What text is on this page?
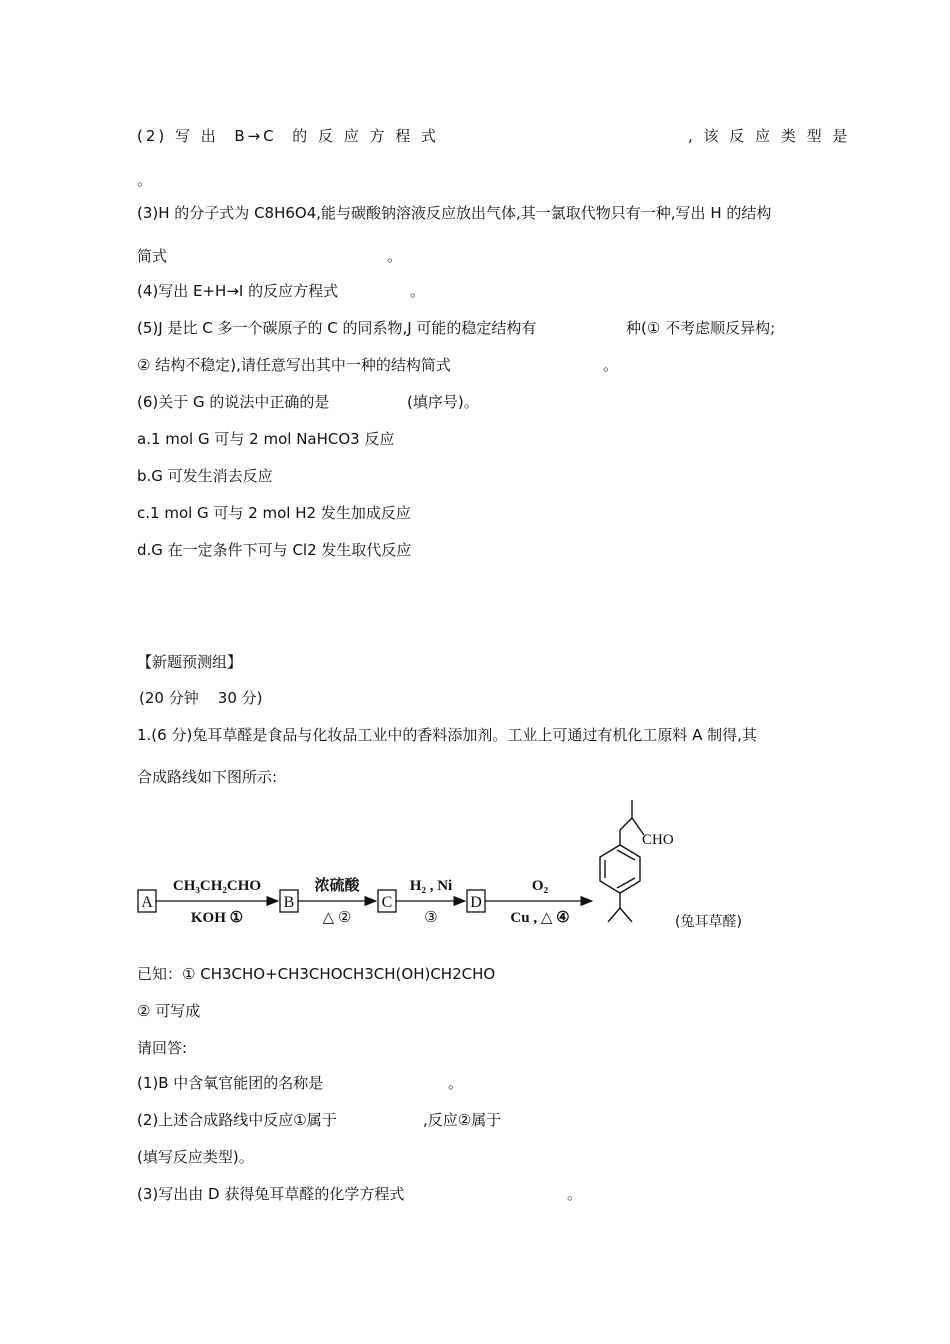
(2) 写 出  B→C  的 反 应 方 程 式	, 该 反 应 类 型 是
。
(3)H 的分子式为 C8H6O4,能与碳酸钠溶液反应放出气体,其一氯取代物只有一种,写出 H 的结构
简式	。
(4)写出 E+H→I 的反应方程式	。
(5)J 是比 C 多一个碳原子的 C 的同系物,J 可能的稳定结构有	种(① 不考虑顺反异构;
② 结构不稳定),请任意写出其中一种的结构简式	。
(6)关于 G 的说法中正确的是	(填序号)。
a.1 mol G 可与 2 mol NaHCO3 反应
b.G 可发生消去反应
c.1 mol G 可与 2 mol H2 发生加成反应
d.G 在一定条件下可与 Cl2 发生取代反应
【新题预测组】
(20 分钟    30 分)
1.(6 分)兔耳草醛是食品与化妆品工业中的香料添加剂。工业上可通过有机化工原料 A 制得,其
合成路线如下图所示:
A
CH₃CH₂CHO
KOH ①
B
浓硫酸
△ ②
C
H₂ , Ni
③
D
O₂
Cu , △ ④
CHO
(兔耳草醛)
已知：① CH3CHO+CH3CHOCH3CH(OH)CH2CHO
② 可写成
请回答:
(1)B 中含氧官能团的名称是	。
(2)上述合成路线中反应①属于	,反应②属于
(填写反应类型)。
(3)写出由 D 获得兔耳草醛的化学方程式	。
